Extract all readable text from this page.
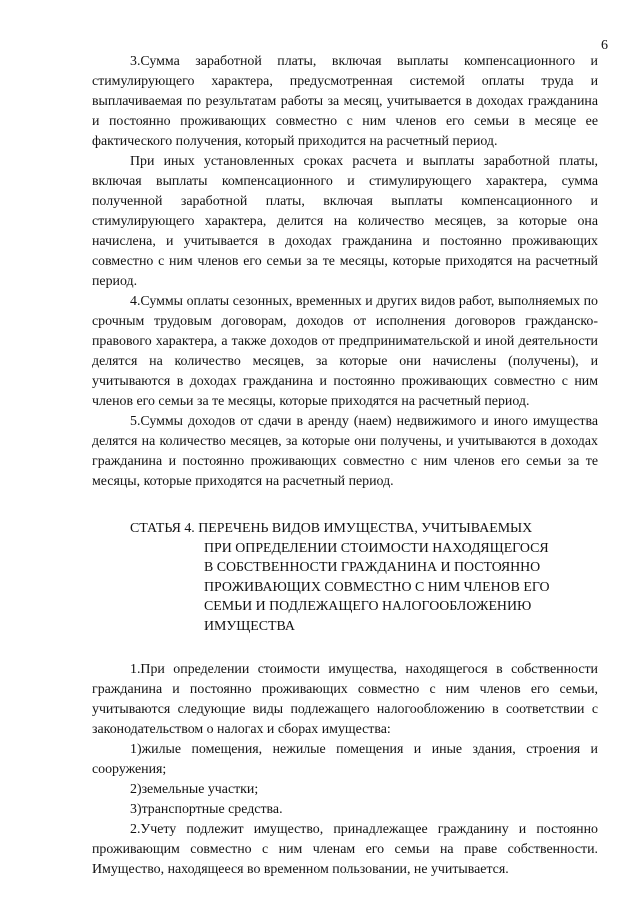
6

3.Сумма заработной платы, включая выплаты компенсационного и стимулирующего характера, предусмотренная системой оплаты труда и выплачиваемая по результатам работы за месяц, учитывается в доходах гражданина и постоянно проживающих совместно с ним членов его семьи в месяце ее фактического получения, который приходится на расчетный период.

При иных установленных сроках расчета и выплаты заработной платы, включая выплаты компенсационного и стимулирующего характера, сумма полученной заработной платы, включая выплаты компенсационного и стимулирующего характера, делится на количество месяцев, за которые она начислена, и учитывается в доходах гражданина и постоянно проживающих совместно с ним членов его семьи за те месяцы, которые приходятся на расчетный период.

4.Суммы оплаты сезонных, временных и других видов работ, выполняемых по срочным трудовым договорам, доходов от исполнения договоров гражданско-правового характера, а также доходов от предпринимательской и иной деятельности делятся на количество месяцев, за которые они начислены (получены), и учитываются в доходах гражданина и постоянно проживающих совместно с ним членов его семьи за те месяцы, которые приходятся на расчетный период.

5.Суммы доходов от сдачи в аренду (наем) недвижимого и иного имущества делятся на количество месяцев, за которые они получены, и учитываются в доходах гражданина и постоянно проживающих совместно с ним членов его семьи за те месяцы, которые приходятся на расчетный период.

СТАТЬЯ 4. ПЕРЕЧЕНЬ ВИДОВ ИМУЩЕСТВА, УЧИТЫВАЕМЫХ
ПРИ ОПРЕДЕЛЕНИИ СТОИМОСТИ НАХОДЯЩЕГОСЯ
В СОБСТВЕННОСТИ ГРАЖДАНИНА И ПОСТОЯННО
ПРОЖИВАЮЩИХ СОВМЕСТНО С НИМ ЧЛЕНОВ ЕГО
СЕМЬИ И ПОДЛЕЖАЩЕГО НАЛОГООБЛОЖЕНИЮ
ИМУЩЕСТВА

1.При определении стоимости имущества, находящегося в собственности гражданина и постоянно проживающих совместно с ним членов его семьи, учитываются следующие виды подлежащего налогообложению в соответствии с законодательством о налогах и сборах имущества:

1)жилые помещения, нежилые помещения и иные здания, строения и сооружения;

2)земельные участки;

3)транспортные средства.

2.Учету подлежит имущество, принадлежащее гражданину и постоянно проживающим совместно с ним членам его семьи на праве собственности. Имущество, находящееся во временном пользовании, не учитывается.
